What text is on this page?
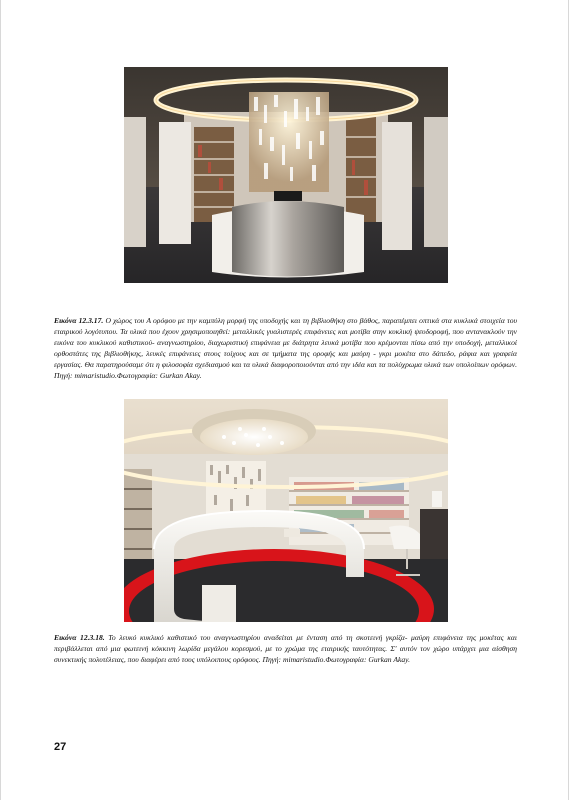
Εικόνα 12.3.17. Ο χώρος του Α ορόφου με την καμπύλη μορφή της υποδοχής και τη βιβλιοθήκη στο βάθος, παραπέμπει οπτικά στα κυκλικά στοιχεία του εταιρικού λογότυπου. Τα υλικά που έχουν χρησιμοποιηθεί: μεταλλικές γυαλιστερές επιφάνειες και μοτίβα στην κυκλική ψευδοροφή, που αντανακλούν την εικόνα του κυκλικού καθιστικού- αναγνωστηρίου, διαχωριστική επιφάνεια με διάτρητα λευκά μοτίβα που κρέμονται πίσω από την υποδοχή, μεταλλικοί ορθοστάτες της βιβλιοθήκης, λευκές επιφάνειες στους τοίχους και σε τμήματα της οροφής και μαύρη - γκρι μοκέτα στο δάπεδο, ράφια και γραφεία εργασίας. Θα παρατηρούσαμε ότι η φιλοσοφία σχεδιασμού και τα υλικά διαφοροποιούνται από την ιδέα και τα πολύχρωμα υλικά των υπολοίπων ορόφων. Πηγή: mimaristudio.Φωτογραφία: Gurkan Akay.

Εικόνα 12.3.18. Το λευκό κυκλικό καθιστικό του αναγνωστηρίου αναδείται με ένταση από τη σκοτεινή γκρίζα- μαύρη επιφάνεια της μοκέτας και περιβάλλεται από μια φωτεινή κόκκινη λωρίδα μεγάλου κορεσμού, με το χρώμα της εταιρικής ταυτότητας. Σ' αυτόν τον χώρο υπάρχει μια αίσθηση συνεκτικής πολυτέλειας, που διαφέρει από τους υπόλοιπους ορόφους. Πηγή: mimaristudio.Φωτογραφία: Gurkan Akay.

27
